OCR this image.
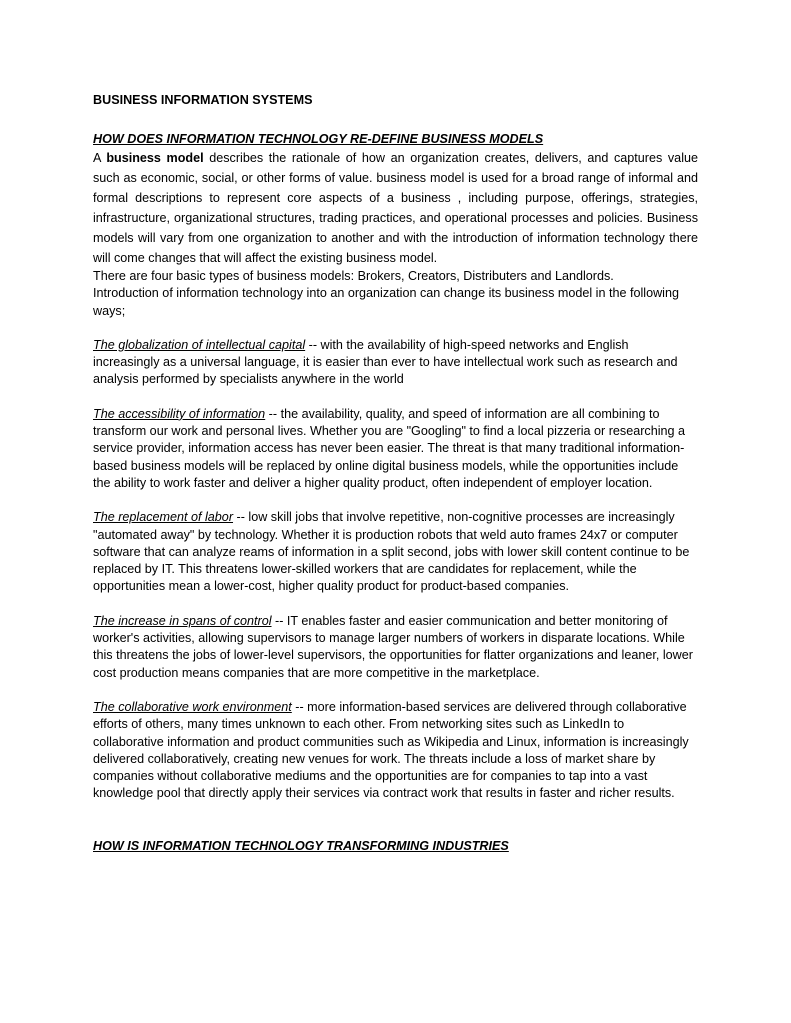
BUSINESS INFORMATION SYSTEMS

HOW DOES INFORMATION TECHNOLOGY RE-DEFINE BUSINESS MODELS

A business model describes the rationale of how an organization creates, delivers, and captures value such as economic, social, or other forms of value. business model is used for a broad range of informal and formal descriptions to represent core aspects of a business , including purpose, offerings, strategies, infrastructure, organizational structures, trading practices, and operational processes and policies. Business models will vary from one organization to another and with the introduction of information technology there will come changes that will affect the existing business model.

There are four basic types of business models: Brokers, Creators, Distributers and Landlords.

Introduction of information technology into an organization can change its business model in the following ways;

The globalization of intellectual capital -- with the availability of high-speed networks and English increasingly as a universal language, it is easier than ever to have intellectual work such as research and analysis performed by specialists anywhere in the world

The accessibility of information -- the availability, quality, and speed of information are all combining to transform our work and personal lives. Whether you are "Googling" to find a local pizzeria or researching a service provider, information access has never been easier. The threat is that many traditional information-based business models will be replaced by online digital business models, while the opportunities include the ability to work faster and deliver a higher quality product, often independent of employer location.

The replacement of labor -- low skill jobs that involve repetitive, non-cognitive processes are increasingly "automated away" by technology. Whether it is production robots that weld auto frames 24x7 or computer software that can analyze reams of information in a split second, jobs with lower skill content continue to be replaced by IT. This threatens lower-skilled workers that are candidates for replacement, while the opportunities mean a lower-cost, higher quality product for product-based companies.

The increase in spans of control -- IT enables faster and easier communication and better monitoring of worker's activities, allowing supervisors to manage larger numbers of workers in disparate locations. While this threatens the jobs of lower-level supervisors, the opportunities for flatter organizations and leaner, lower cost production means companies that are more competitive in the marketplace.

The collaborative work environment -- more information-based services are delivered through collaborative efforts of others, many times unknown to each other. From networking sites such as LinkedIn to collaborative information and product communities such as Wikipedia and Linux, information is increasingly delivered collaboratively, creating new venues for work. The threats include a loss of market share by companies without collaborative mediums and the opportunities are for companies to tap into a vast knowledge pool that directly apply their services via contract work that results in faster and richer results.

HOW IS INFORMATION TECHNOLOGY TRANSFORMING INDUSTRIES
